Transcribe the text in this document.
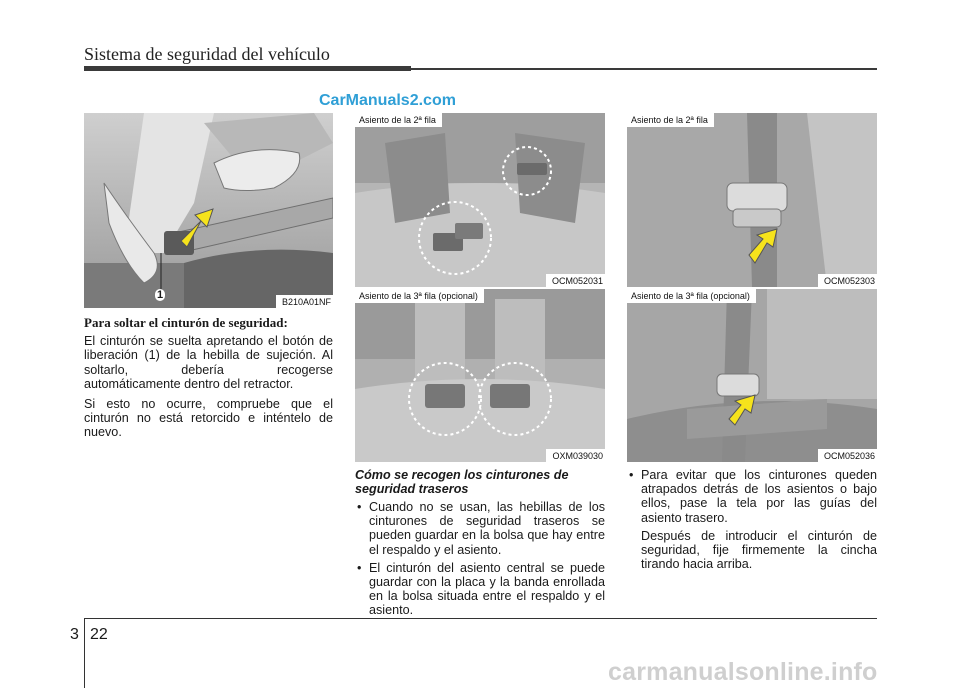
Sistema de seguridad del vehículo
CarManuals2.com
1
B210A01NF
Asiento de la 2ª fila
OCM052031
Asiento de la 3ª fila (opcional)
OXM039030
Asiento de la 2ª fila
OCM052303
Asiento de la 3ª fila (opcional)
OCM052036

Para soltar el cinturón de seguridad:

El cinturón se suelta apretando el botón de liberación (1) de la hebilla de sujeción. Al soltarlo, debería recogerse automáticamente dentro del retractor.

Si esto no ocurre, compruebe que el cinturón no está retorcido e inténtelo de nuevo.

Cómo se recogen los cinturones de seguridad traseros

• Cuando no se usan, las hebillas de los cinturones de seguridad traseros se pueden guardar en la bolsa que hay entre el respaldo y el asiento.

• El cinturón del asiento central se puede guardar con la placa y la banda enrollada en la bolsa situada entre el respaldo y el asiento.

• Para evitar que los cinturones queden atrapados detrás de los asientos o bajo ellos, pase la tela por las guías del asiento trasero.

Después de introducir el cinturón de seguridad, fije firmemente la cincha tirando hacia arriba.

3 22
carmanualsonline.info
